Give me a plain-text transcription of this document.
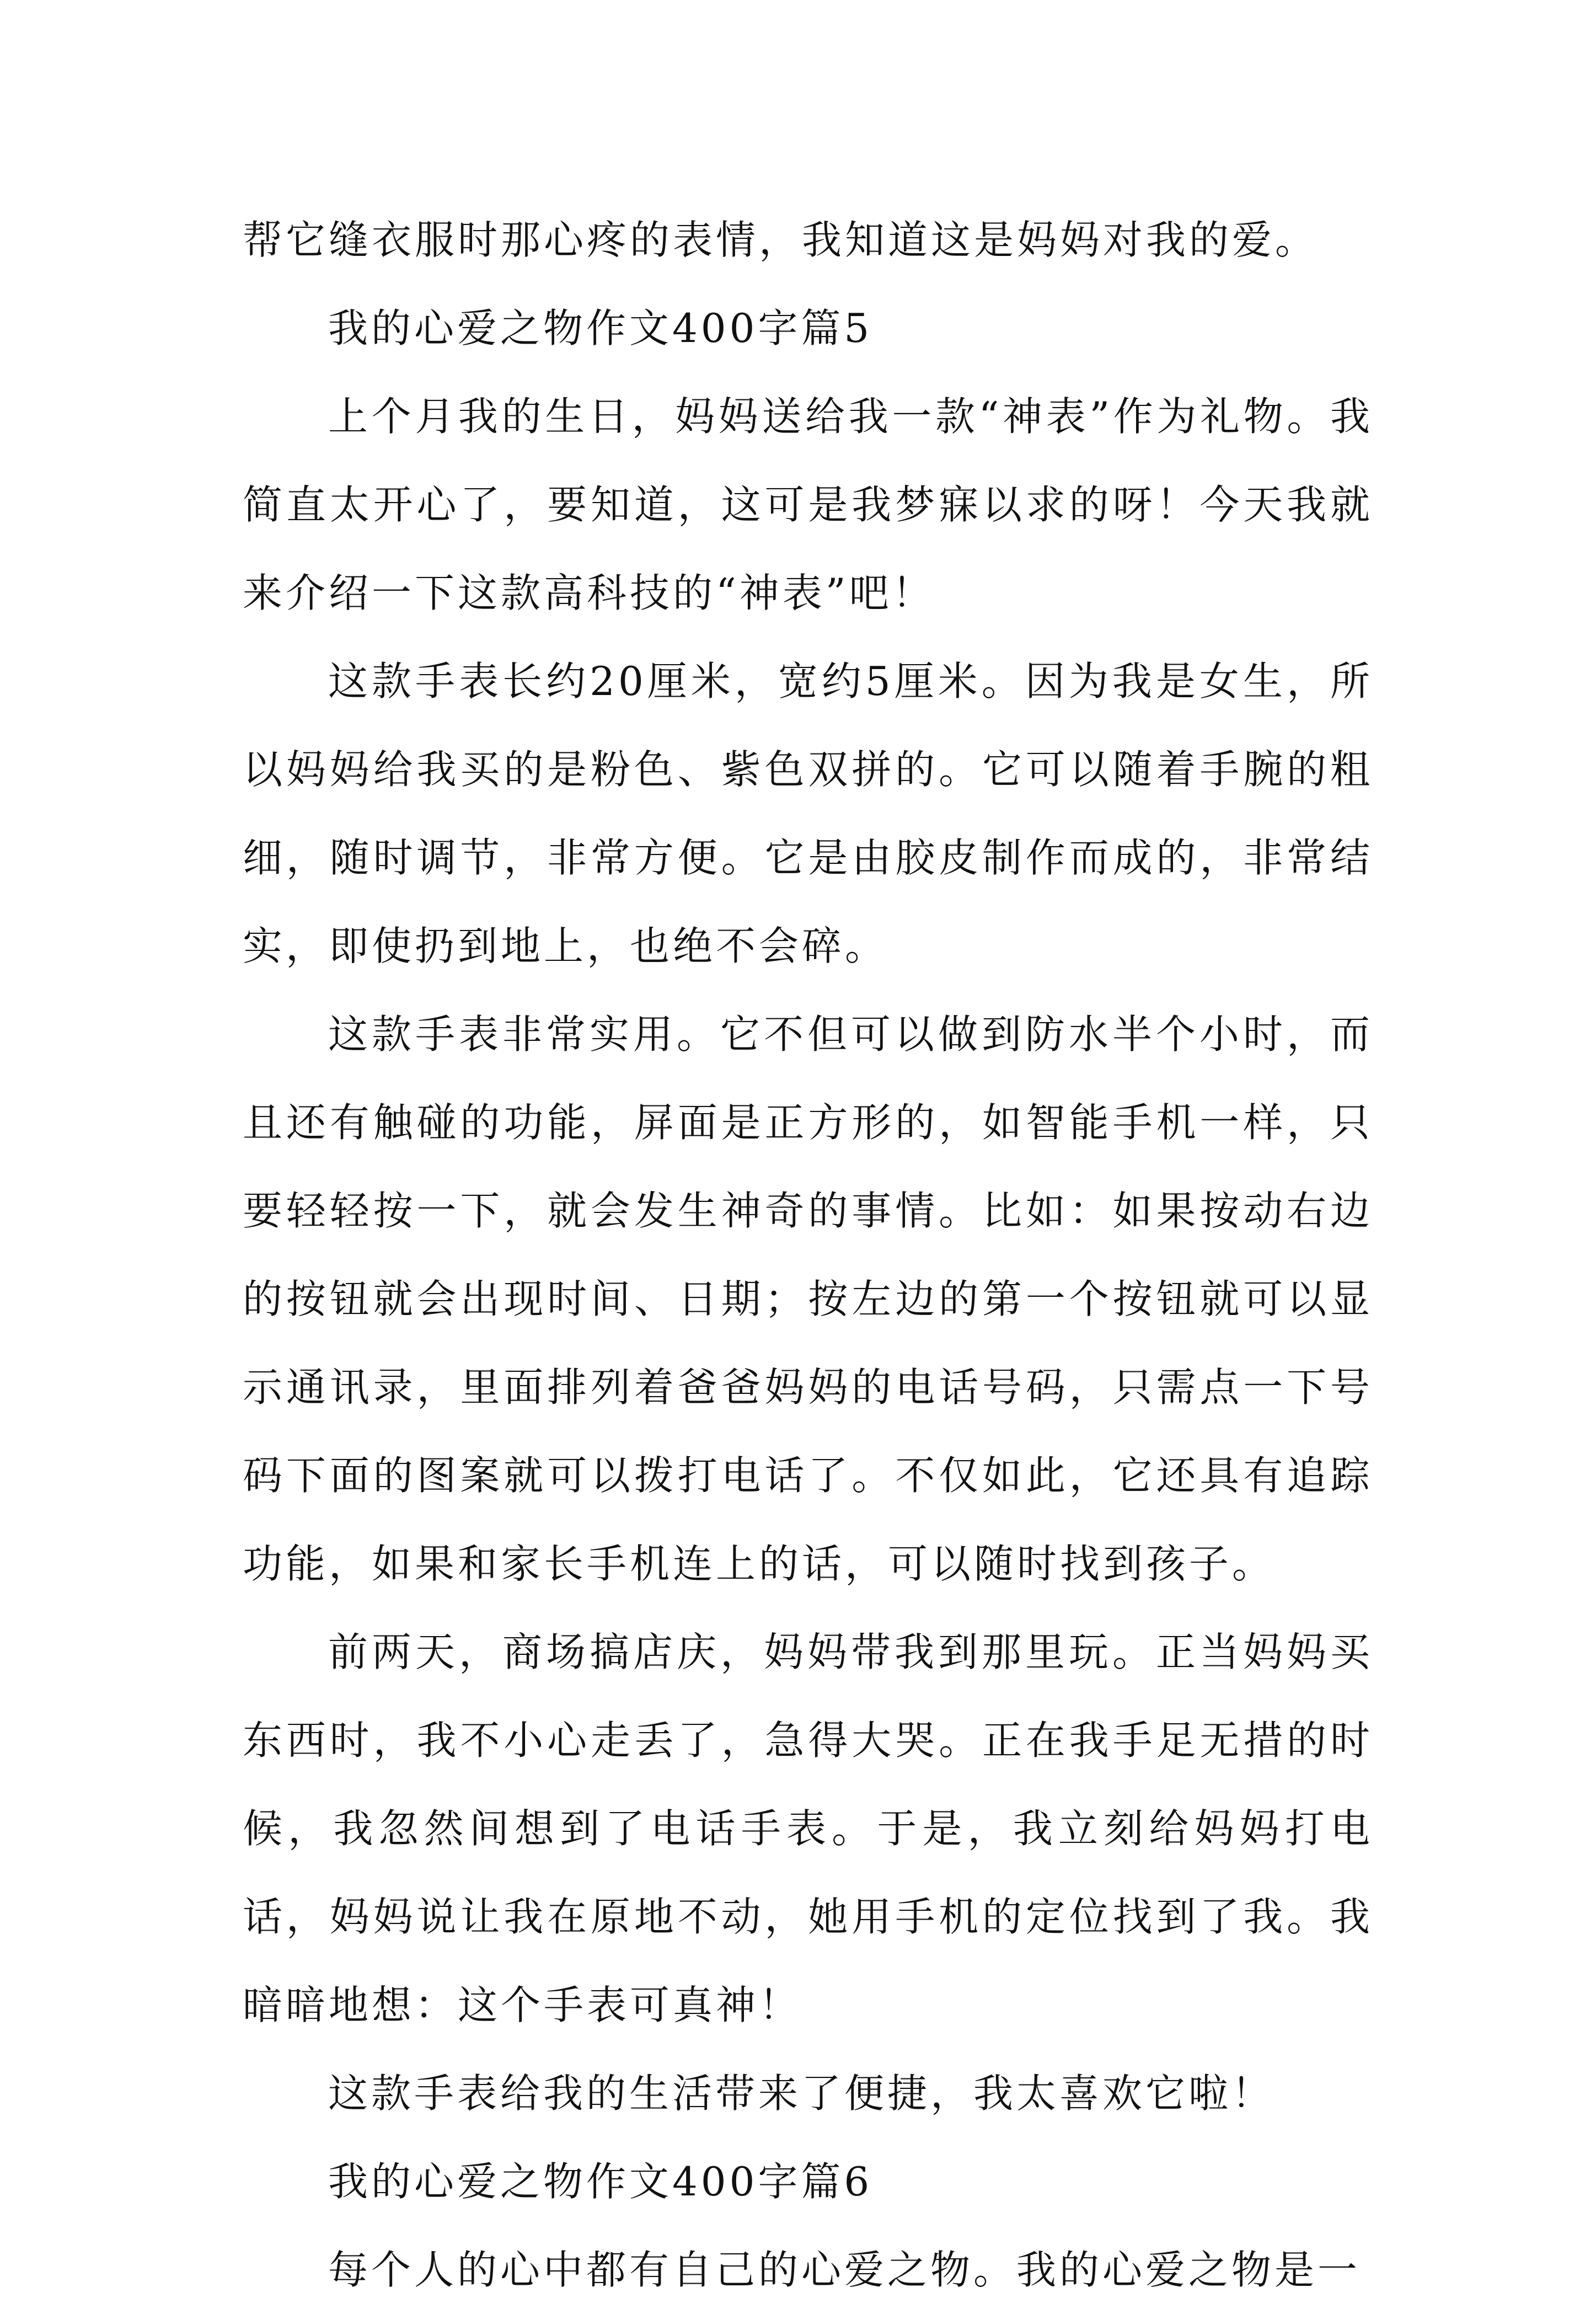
帮它缝衣服时那心疼的表情，我知道这是妈妈对我的爱。

我的心爱之物作文400字篇5

上个月我的生日，妈妈送给我一款“神表”作为礼物。我简直太开心了，要知道，这可是我梦寐以求的呀！今天我就来介绍一下这款高科技的“神表”吧！

这款手表长约20厘米，宽约5厘米。因为我是女生，所以妈妈给我买的是粉色、紫色双拼的。它可以随着手腕的粗细，随时调节，非常方便。它是由胶皮制作而成的，非常结实，即使扔到地上，也绝不会碎。

这款手表非常实用。它不但可以做到防水半个小时，而且还有触碰的功能，屏面是正方形的，如智能手机一样，只要轻轻按一下，就会发生神奇的事情。比如：如果按动右边的按钮就会出现时间、日期；按左边的第一个按钮就可以显示通讯录，里面排列着爸爸妈妈的电话号码，只需点一下号码下面的图案就可以拨打电话了。不仅如此，它还具有追踪功能，如果和家长手机连上的话，可以随时找到孩子。

前两天，商场搞店庆，妈妈带我到那里玩。正当妈妈买东西时，我不小心走丢了，急得大哭。正在我手足无措的时候，我忽然间想到了电话手表。于是，我立刻给妈妈打电话，妈妈说让我在原地不动，她用手机的定位找到了我。我暗暗地想：这个手表可真神！

这款手表给我的生活带来了便捷，我太喜欢它啦！

我的心爱之物作文400字篇6

每个人的心中都有自己的心爱之物。我的心爱之物是一
